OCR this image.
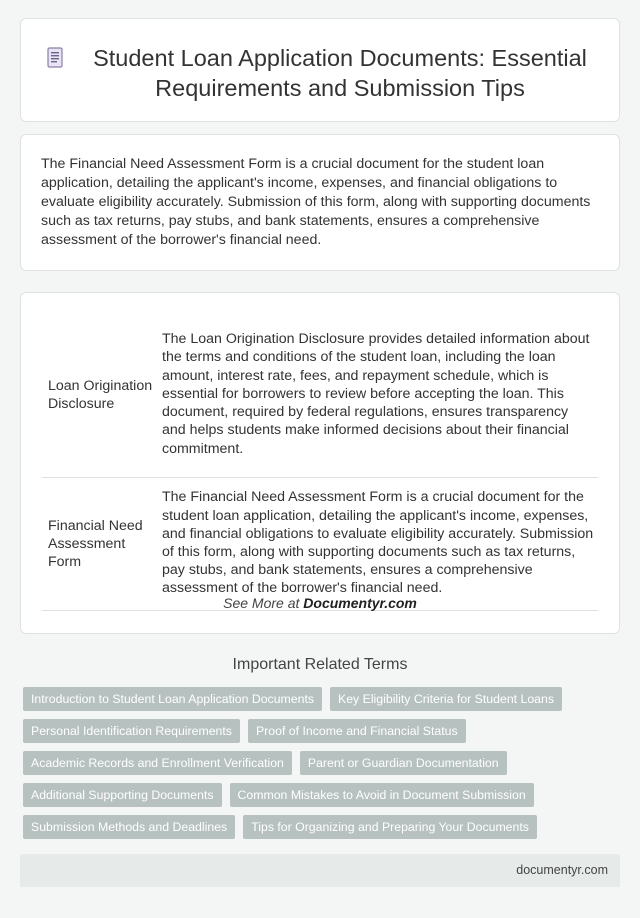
Student Loan Application Documents: Essential Requirements and Submission Tips
The Financial Need Assessment Form is a crucial document for the student loan application, detailing the applicant's income, expenses, and financial obligations to evaluate eligibility accurately. Submission of this form, along with supporting documents such as tax returns, pay stubs, and bank statements, ensures a comprehensive assessment of the borrower's financial need.
Loan Origination Disclosure	The Loan Origination Disclosure provides detailed information about the terms and conditions of the student loan, including the loan amount, interest rate, fees, and repayment schedule, which is essential for borrowers to review before accepting the loan. This document, required by federal regulations, ensures transparency and helps students make informed decisions about their financial commitment.
Financial Need Assessment Form	The Financial Need Assessment Form is a crucial document for the student loan application, detailing the applicant's income, expenses, and financial obligations to evaluate eligibility accurately. Submission of this form, along with supporting documents such as tax returns, pay stubs, and bank statements, ensures a comprehensive assessment of the borrower's financial need.
See More at Documentyr.com
Important Related Terms
Introduction to Student Loan Application Documents	Key Eligibility Criteria for Student Loans
Personal Identification Requirements	Proof of Income and Financial Status
Academic Records and Enrollment Verification	Parent or Guardian Documentation
Additional Supporting Documents	Common Mistakes to Avoid in Document Submission
Submission Methods and Deadlines	Tips for Organizing and Preparing Your Documents
documentyr.com
